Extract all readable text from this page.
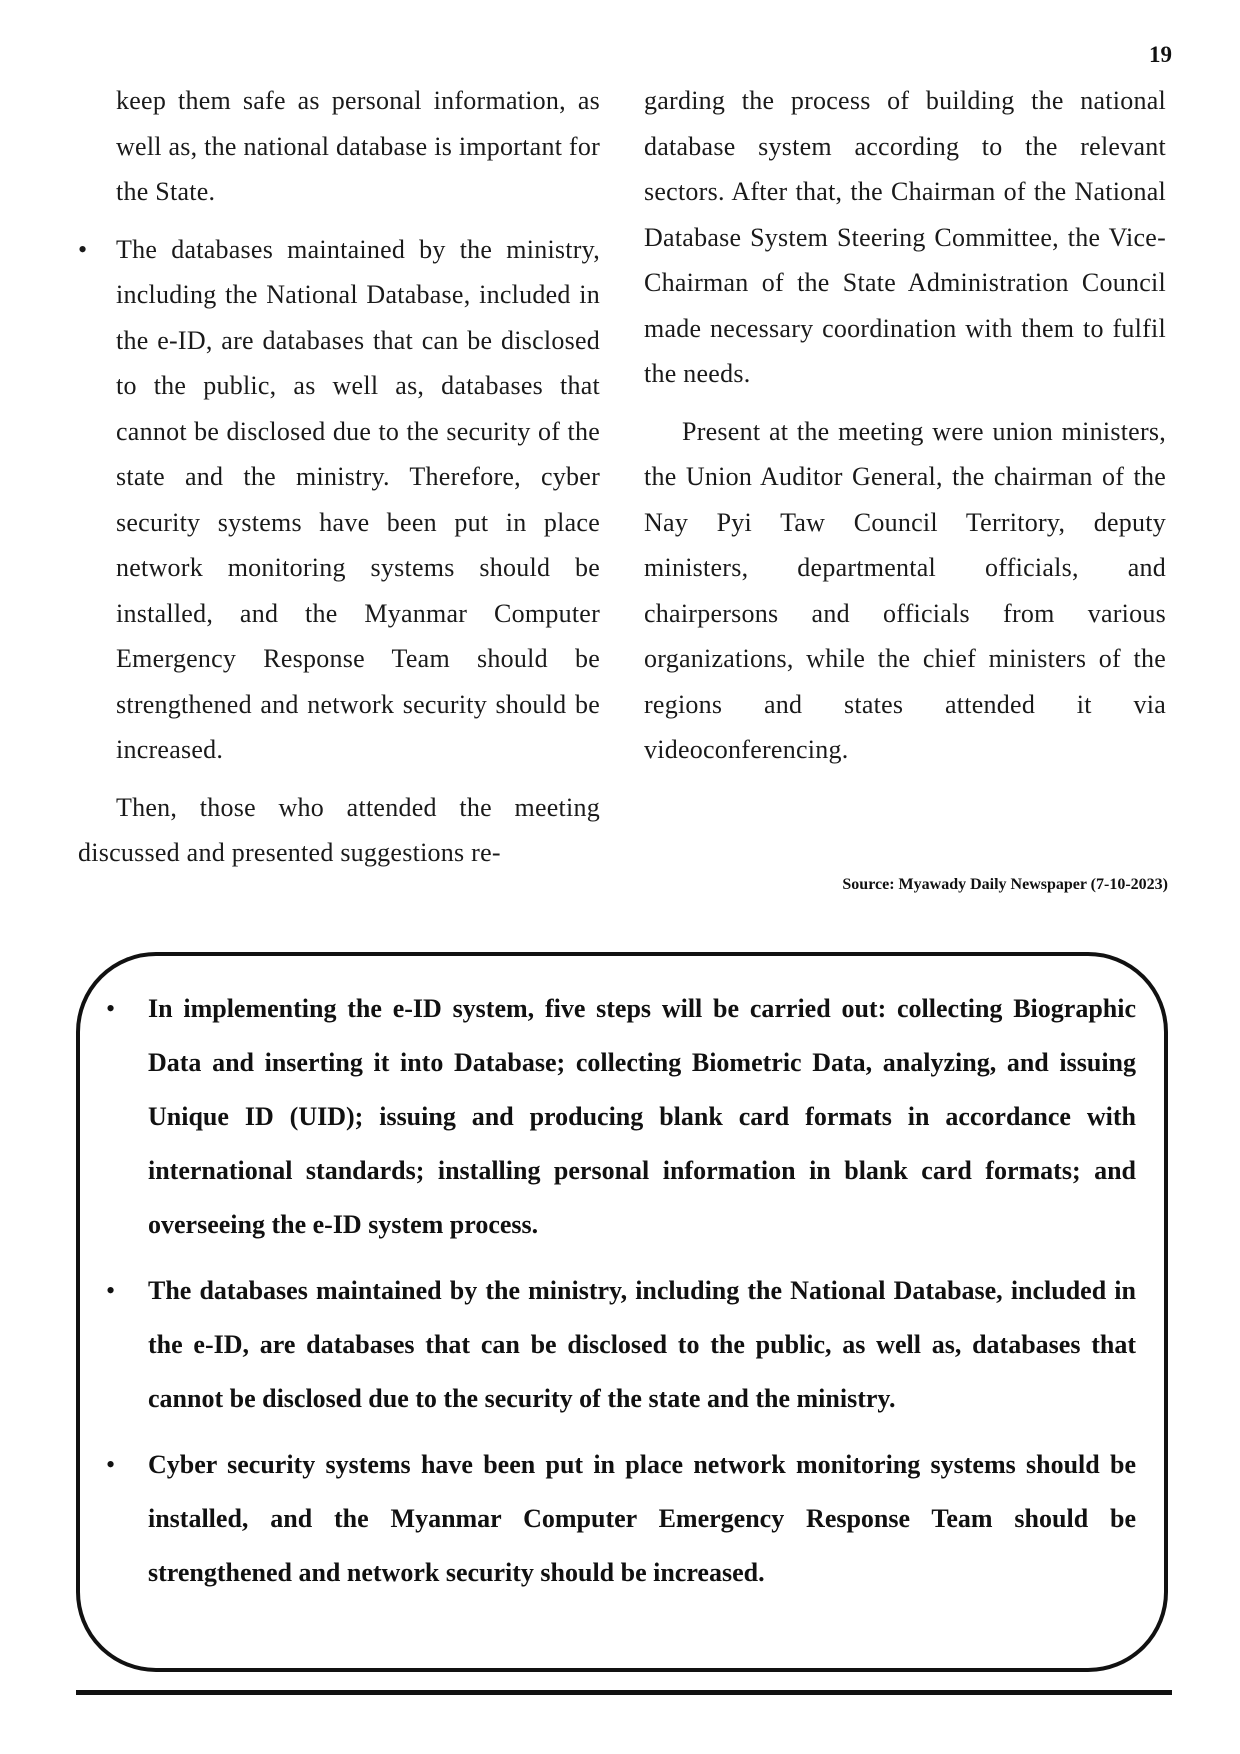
19

keep them safe as personal information, as well as, the national database is important for the State.

•	The databases maintained by the ministry, including the National Database, included in the e-ID, are databases that can be disclosed to the public, as well as, databases that cannot be disclosed due to the security of the state and the ministry. Therefore, cyber security systems have been put in place network monitoring systems should be installed, and the Myanmar Computer Emergency Response Team should be strengthened and network security should be increased.

Then, those who attended the meeting discussed and presented suggestions re-

garding the process of building the national database system according to the relevant sectors. After that, the Chairman of the National Database System Steering Committee, the Vice-Chairman of the State Administration Council made necessary coordination with them to fulfil the needs.

Present at the meeting were union ministers, the Union Auditor General, the chairman of the Nay Pyi Taw Council Territory, deputy ministers, departmental officials, and chairpersons and officials from various organizations, while the chief ministers of the regions and states attended it via videoconferencing.

Source: Myawady Daily Newspaper (7-10-2023)
• In implementing the e-ID system, five steps will be carried out: collecting Biographic Data and inserting it into Database; collecting Biometric Data, analyzing, and issuing Unique ID (UID); issuing and producing blank card formats in accordance with international standards; installing personal information in blank card formats; and overseeing the e-ID system process.
• The databases maintained by the ministry, including the National Database, included in the e-ID, are databases that can be disclosed to the public, as well as, databases that cannot be disclosed due to the security of the state and the ministry.
• Cyber security systems have been put in place network monitoring systems should be installed, and the Myanmar Computer Emergency Response Team should be strengthened and network security should be increased.
